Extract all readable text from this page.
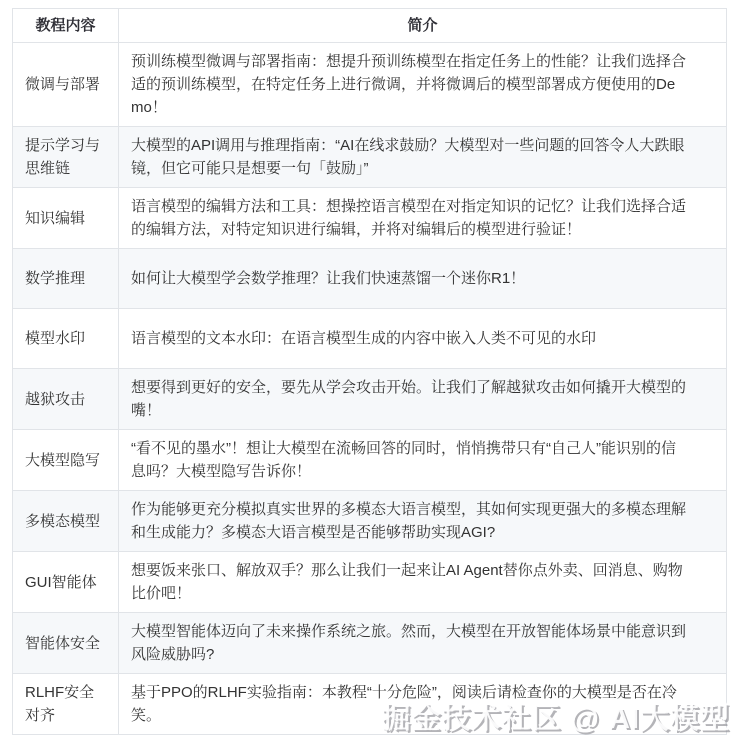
教程内容	简介
微调与部署	预训练模型微调与部署指南：想提升预训练模型在指定任务上的性能？让我们选择合适的预训练模型，在特定任务上进行微调，并将微调后的模型部署成方便使用的Demo！
提示学习与思维链	大模型的API调用与推理指南：“AI在线求鼓励？大模型对一些问题的回答令人大跌眼镜，但它可能只是想要一句「鼓励」”
知识编辑	语言模型的编辑方法和工具：想操控语言模型在对指定知识的记忆？让我们选择合适的编辑方法，对特定知识进行编辑，并将对编辑后的模型进行验证！
数学推理	如何让大模型学会数学推理？让我们快速蒸馏一个迷你R1！
模型水印	语言模型的文本水印：在语言模型生成的内容中嵌入人类不可见的水印
越狱攻击	想要得到更好的安全，要先从学会攻击开始。让我们了解越狱攻击如何撬开大模型的嘴！
大模型隐写	“看不见的墨水”！想让大模型在流畅回答的同时，悄悄携带只有“自己人”能识别的信息吗？大模型隐写告诉你！
多模态模型	作为能够更充分模拟真实世界的多模态大语言模型，其如何实现更强大的多模态理解和生成能力？多模态大语言模型是否能够帮助实现AGI?
GUI智能体	想要饭来张口、解放双手？那么让我们一起来让AI Agent替你点外卖、回消息、购物比价吧！
智能体安全	大模型智能体迈向了未来操作系统之旅。然而，大模型在开放智能体场景中能意识到风险威胁吗?
RLHF安全对齐	基于PPO的RLHF实验指南：本教程“十分危险”，阅读后请检查你的大模型是否在冷笑。	掘金技术社区 @ AI大模型
